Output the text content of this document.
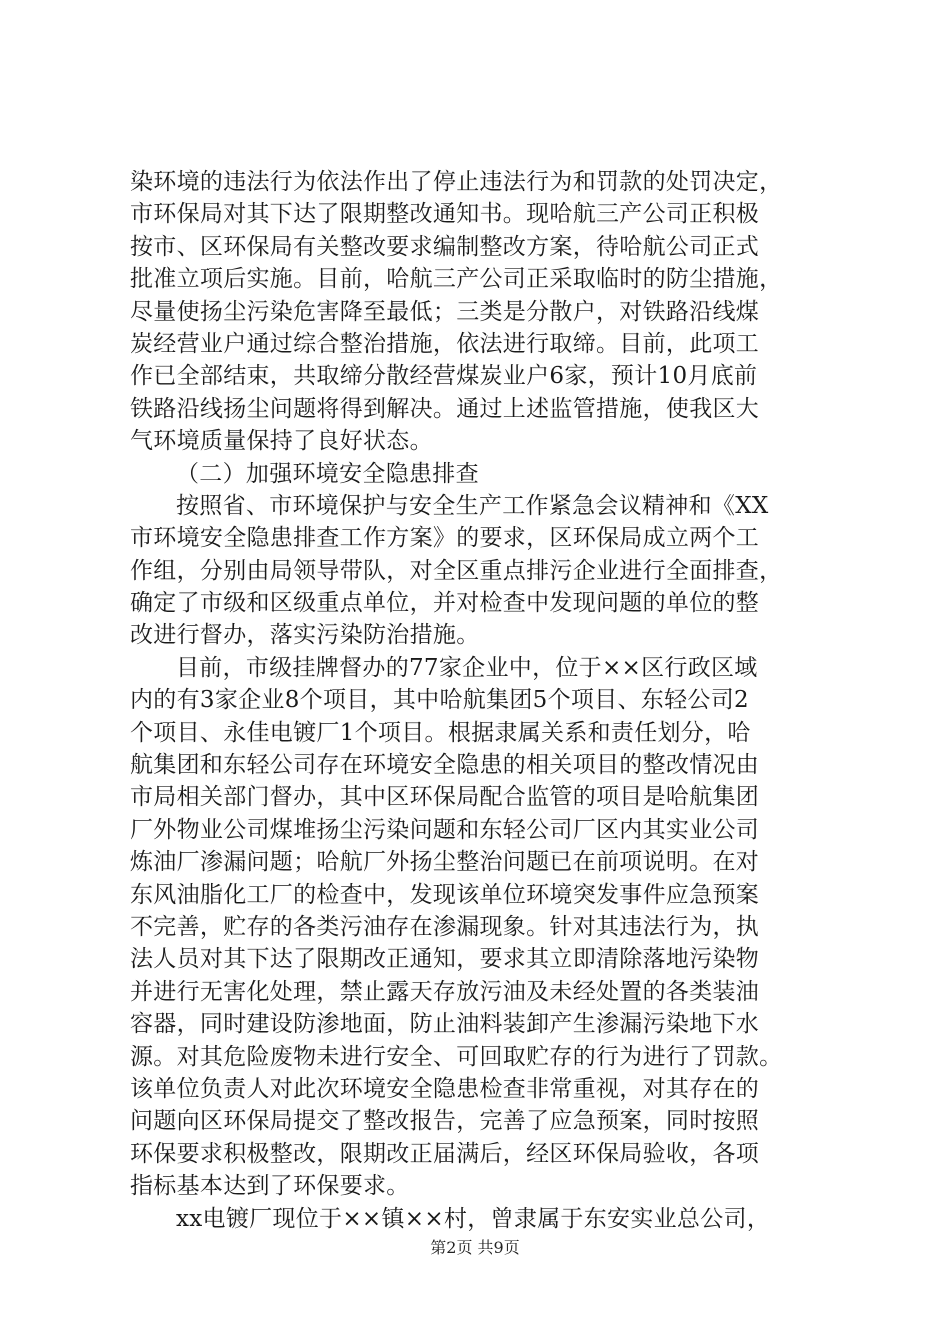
染环境的违法行为依法作出了停止违法行为和罚款的处罚决定，
市环保局对其下达了限期整改通知书。现哈航三产公司正积极
按市、区环保局有关整改要求编制整改方案，待哈航公司正式
批准立项后实施。目前，哈航三产公司正采取临时的防尘措施，
尽量使扬尘污染危害降至最低；三类是分散户，对铁路沿线煤
炭经营业户通过综合整治措施，依法进行取缔。目前，此项工
作已全部结束，共取缔分散经营煤炭业户6家，预计10月底前
铁路沿线扬尘问题将得到解决。通过上述监管措施，使我区大
气环境质量保持了良好状态。
（二）加强环境安全隐患排查
按照省、市环境保护与安全生产工作紧急会议精神和《XX
市环境安全隐患排查工作方案》的要求，区环保局成立两个工
作组，分别由局领导带队，对全区重点排污企业进行全面排查，
确定了市级和区级重点单位，并对检查中发现问题的单位的整
改进行督办，落实污染防治措施。
目前，市级挂牌督办的77家企业中，位于××区行政区域
内的有3家企业8个项目，其中哈航集团5个项目、东轻公司2
个项目、永佳电镀厂1个项目。根据隶属关系和责任划分，哈
航集团和东轻公司存在环境安全隐患的相关项目的整改情况由
市局相关部门督办，其中区环保局配合监管的项目是哈航集团
厂外物业公司煤堆扬尘污染问题和东轻公司厂区内其实业公司
炼油厂渗漏问题；哈航厂外扬尘整治问题已在前项说明。在对
东风油脂化工厂的检查中，发现该单位环境突发事件应急预案
不完善，贮存的各类污油存在渗漏现象。针对其违法行为，执
法人员对其下达了限期改正通知，要求其立即清除落地污染物
并进行无害化处理，禁止露天存放污油及未经处置的各类装油
容器，同时建设防渗地面，防止油料装卸产生渗漏污染地下水
源。对其危险废物未进行安全、可回取贮存的行为进行了罚款。
该单位负责人对此次环境安全隐患检查非常重视，对其存在的
问题向区环保局提交了整改报告，完善了应急预案，同时按照
环保要求积极整改，限期改正届满后，经区环保局验收，各项
指标基本达到了环保要求。
xx电镀厂现位于××镇××村，曾隶属于东安实业总公司，
第2页 共9页
